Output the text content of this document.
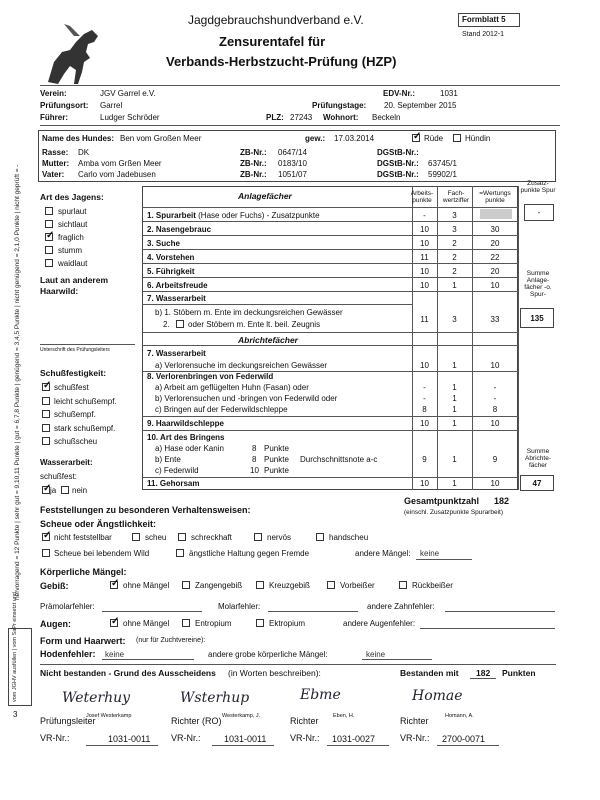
Jagdgebrauchshundverband e.V.
Zensurentafel für
Verbands-Herbstzucht-Prüfung (HZP)
Formblatt 5
Stand 2012-1
Verein:	JGV Garrel e.V.	EDV-Nr.:	1031
Prüfungsort: Garrel	Prüfungstage: 20. September 2015
Führer:	Ludger Schröder	PLZ: 27243 Wohnort: Beckeln
Name des Hundes: Ben vom Großen Meer	gew.: 17.03.2014 ✓	Rüde	Hündin
Rasse: DK	ZB-Nr.: 0647/14	DGStB-Nr.:
Mutter: Amba vom Grßen Meer	ZB-Nr.: 0183/10	DGStB-Nr.: 63745/1
Vater: Carlo vom Jadebusen	ZB-Nr.: 1051/07	DGStB-Nr.: 59902/1
Art des Jagens:
spurlaut
sichtlaut
✓
fraglich
stumm
waidlaut
Laut an anderem
Haarwild:
Unterschrift des Prüfungsleiters
Schußfestigkeit:
✓
schußfest
leicht schußempf.
schußempf.
stark schußempf.
schußscheu
Wasserarbeit:
schußfest:
✓
ja nein
hervorragend = 12 Punkte | sehr gut = 9,10,11 Punkte | gut = 6,7,8 Punkte | genügend = 3,4,5 Punkte | nicht genügend = 2,1,0 Punkte | nicht geprüft = -
vom JGHV ausfüllen | vom SaPr einsetzt und
3
Anlagefächer	Arbeits-punkte
Fach-wertziffer
=Wertungs punkte
Zusatz-punkte Spur
1. Spurarbeit (Hase oder Fuchs) - Zusatzpunkte	-	3	-
2. Nasengebrauc	10	3	30
3. Suche	10	2	20
4. Vorstehen	11	2	22
5. Führigkeit	10	2	20
6. Arbeitsfreude	10	1	10
7. Wasserarbeit
b) 1. Stöbern m. Ente im deckungsreichen Gewässer
2. oder Stöbern m. Ente lt. beil. Zeugnis
11	3	33
Summe Anlage-fächer -o. Spur-
135
Abrichtefächer
7. Wasserarbeit
a) Verlorensuche im deckungsreichen Gewässer	10	1	10
8. Verlorenbringen von Federwild
a) Arbeit am geflügelten Huhn (Fasan) oder	-	1	-
b) Verlorensuchen und -bringen von Federwild oder	-	1	-
c) Bringen auf der Federwildschleppe	8	1	8
9. Haarwildschleppe	10	1	10
10. Art des Bringens
a) Hase oder Kanin	8 Punkte
b) Ente	8 Punkte Durchschnittsnote a-c
c) Federwild	10 Punkte
9	1	9
Summe Abrichte-fächer
11. Gehorsam	10	1	10	47
Gesamtpunktzahl 182
(einschl. Zusatzpunkte Spurarbeit)
Feststellungen zu besonderen Verhaltensweisen:
Scheue oder Ängstlichkeit:
✓
nicht feststellbar	scheu	schreckhaft	nervös	handscheu
Scheue bei lebendem Wild	ängstliche Haltung gegen Fremde	andere Mängel: keine
Körperliche Mängel:
Gebiß: ✓	ohne Mängel	Zangengebiß	Kreuzgebiß	Vorbeißer	Rückbeißer
Prämolarfehler:	Molarfehler:	andere Zahnfehler:
Augen: ✓	ohne Mängel	Entropium	Ektropium	andere Augenfehler:
Form und Haarwert: (nur für Zuchtvereine):
Hodenfehler: keine	andere grobe körperliche Mängel:	keine
Nicht bestanden - Grund des Ausscheidens (in Worten beschreiben):	Bestanden mit 182 Punkten
Weterhuy	Wsterhup	Ebme	Homae
Prüfungsleiter
Josef Westerkamp	Richter (RO) Westerkamp, J.	Richter	Eben, H.	Richter	Homann, A.
VR-Nr.:	1031-0011 VR-Nr.:	1031-0011	VR-Nr.: 1031-0027	VR-Nr.: 2700-0071
